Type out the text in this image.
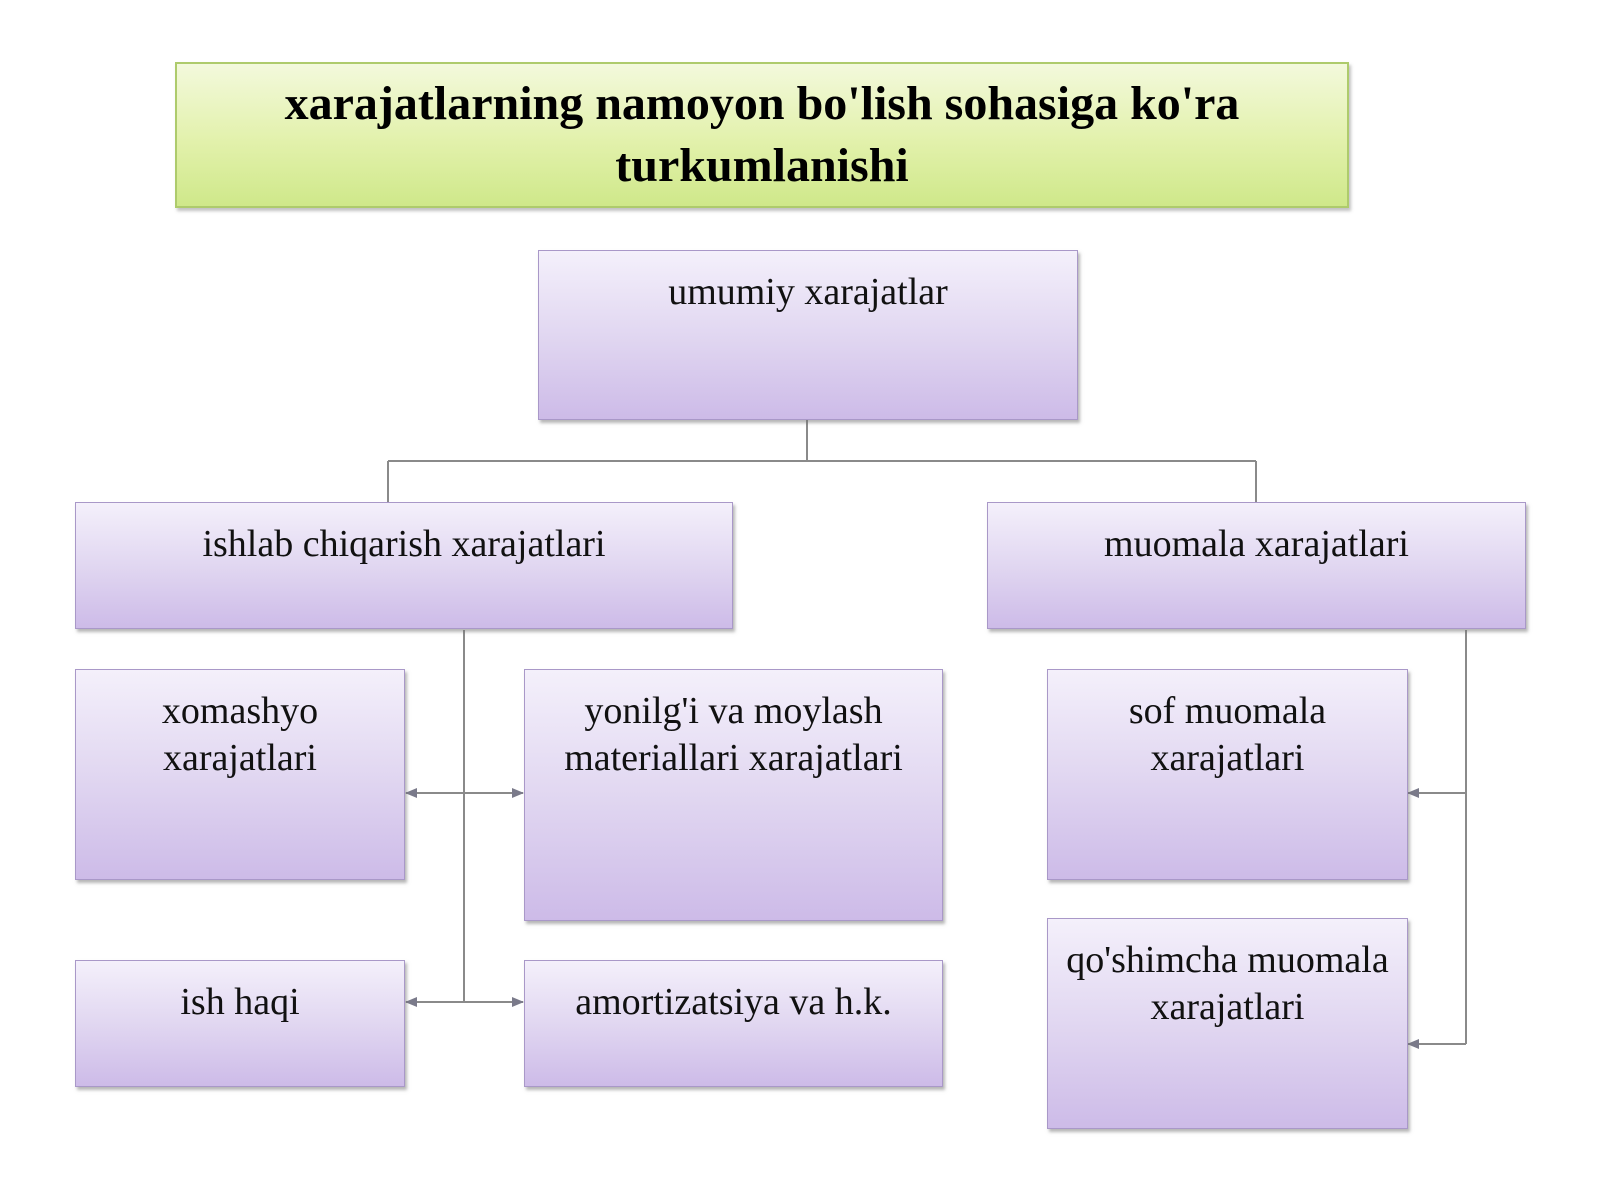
xarajatlarning namoyon bo'lish sohasiga ko'ra turkumlanishi
umumiy xarajatlar
ishlab chiqarish xarajatlari	muomala xarajatlari
xomashyo xarajatlari
yonilg'i va moylash materiallari xarajatlari
ish haqi	amortizatsiya va h.k.
sof muomala xarajatlari
qo'shimcha muomala xarajatlari
